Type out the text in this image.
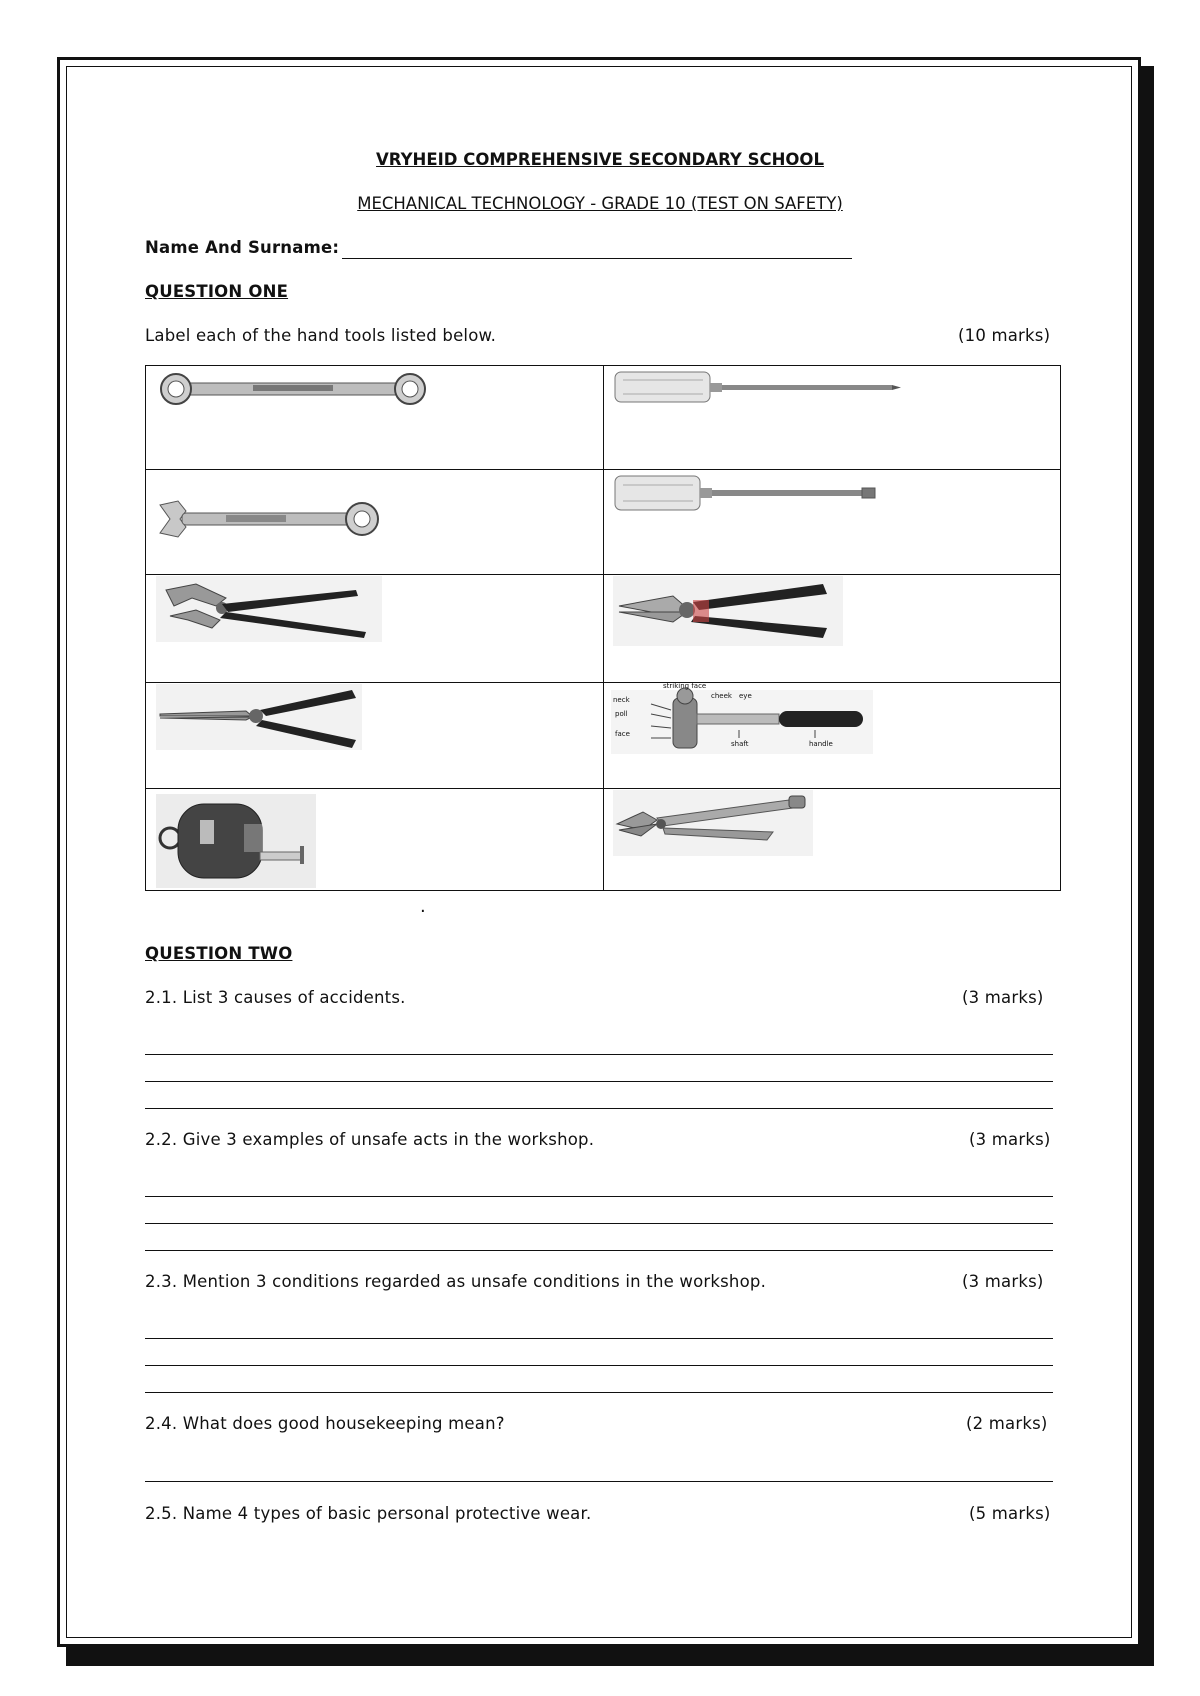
VRYHEID COMPREHENSIVE SECONDARY SCHOOL
MECHANICAL TECHNOLOGY - GRADE 10 (TEST ON SAFETY)
Name And Surname:
QUESTION ONE
Label each of the hand tools listed below.	(10 marks)
striking face
cheek eye
neck
poll
face
shaft	handle
.
QUESTION TWO
2.1. List 3 causes of accidents.	(3 marks)
2.2. Give 3 examples of unsafe acts in the workshop.	(3 marks)
2.3. Mention 3 conditions regarded as unsafe conditions in the workshop.	(3 marks)
2.4. What does good housekeeping mean?	(2 marks)
2.5. Name 4 types of basic personal protective wear.	(5 marks)
